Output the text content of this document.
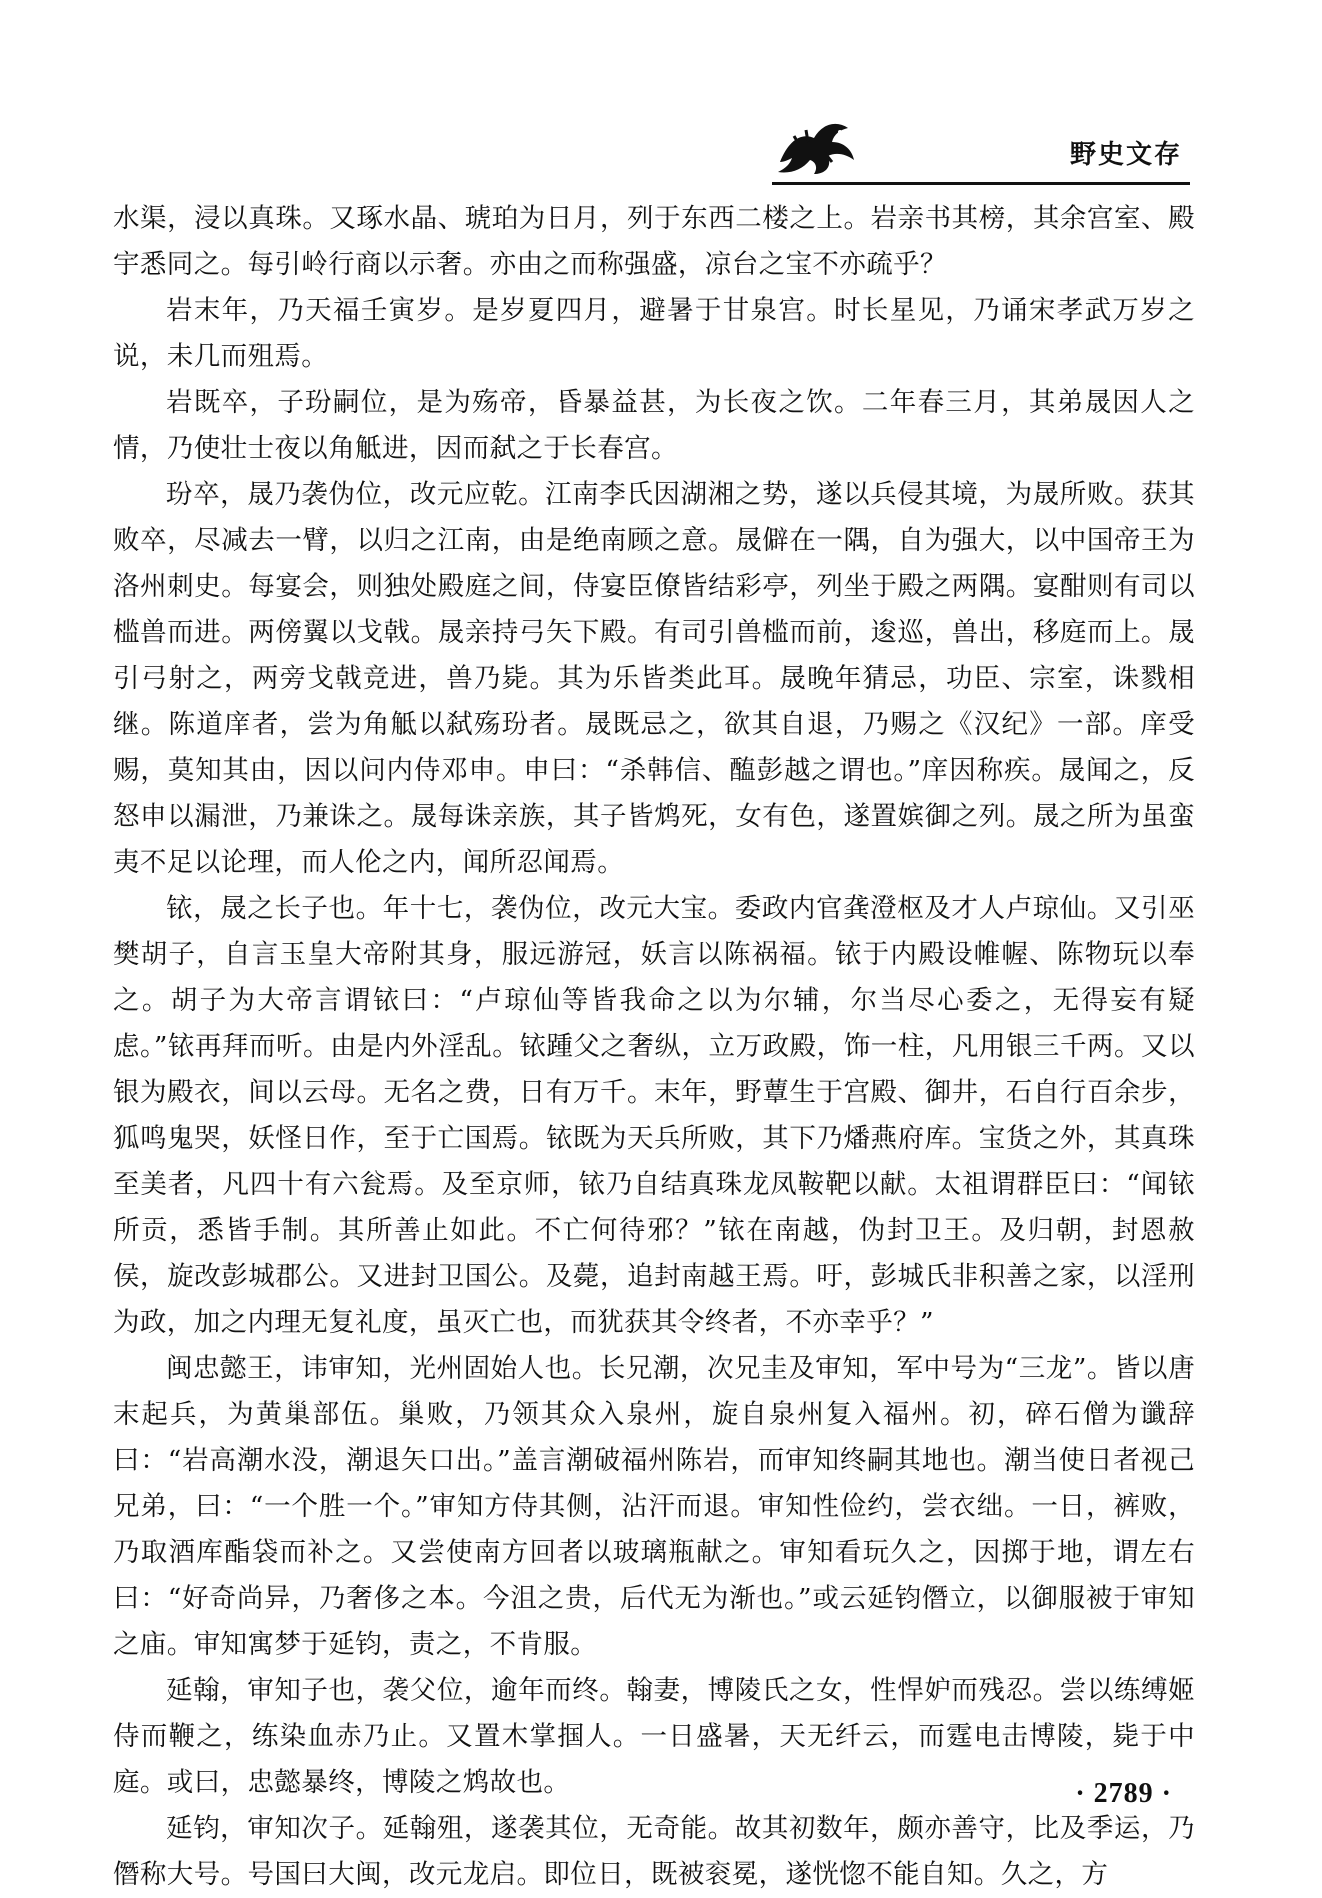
野史文存

水渠，浸以真珠。又琢水晶、琥珀为日月，列于东西二楼之上。岩亲书其榜，其余宫室、殿宇悉同之。每引岭行商以示奢。亦由之而称强盛，凉台之宝不亦疏乎？

岩末年，乃天福壬寅岁。是岁夏四月，避暑于甘泉宫。时长星见，乃诵宋孝武万岁之说，未几而殂焉。

岩既卒，子玢嗣位，是为殇帝，昏暴益甚，为长夜之饮。二年春三月，其弟晟因人之情，乃使壮士夜以角觝进，因而弑之于长春宫。

玢卒，晟乃袭伪位，改元应乾。江南李氏因湖湘之势，遂以兵侵其境，为晟所败。获其败卒，尽减去一臂，以归之江南，由是绝南顾之意。晟僻在一隅，自为强大，以中国帝王为洛州刺史。每宴会，则独处殿庭之间，侍宴臣僚皆结彩亭，列坐于殿之两隅。宴酣则有司以槛兽而进。两傍翼以戈戟。晟亲持弓矢下殿。有司引兽槛而前，逡巡，兽出，移庭而上。晟引弓射之，两旁戈戟竞进，兽乃毙。其为乐皆类此耳。晟晚年猜忌，功臣、宗室，诛戮相继。陈道庠者，尝为角觝以弑殇玢者。晟既忌之，欲其自退，乃赐之《汉纪》一部。庠受赐，莫知其由，因以问内侍邓申。申曰：“杀韩信、醢彭越之谓也。”庠因称疾。晟闻之，反怒申以漏泄，乃兼诛之。晟每诛亲族，其子皆鸩死，女有色，遂置嫔御之列。晟之所为虽蛮夷不足以论理，而人伦之内，闻所忍闻焉。

铱，晟之长子也。年十七，袭伪位，改元大宝。委政内官龚澄枢及才人卢琼仙。又引巫樊胡子，自言玉皇大帝附其身，服远游冠，妖言以陈祸福。铱于内殿设帷幄、陈物玩以奉之。胡子为大帝言谓铱曰：“卢琼仙等皆我命之以为尔辅，尔当尽心委之，无得妄有疑虑。”铱再拜而听。由是内外淫乱。铱踵父之奢纵，立万政殿，饰一柱，凡用银三千两。又以银为殿衣，间以云母。无名之费，日有万千。末年，野蕈生于宫殿、御井，石自行百余步，狐鸣鬼哭，妖怪日作，至于亡国焉。铱既为天兵所败，其下乃燔燕府库。宝货之外，其真珠至美者，凡四十有六瓮焉。及至京师，铱乃自结真珠龙凤鞍靶以献。太祖谓群臣曰：“闻铱所贡，悉皆手制。其所善止如此。不亡何待邪？”铱在南越，伪封卫王。及归朝，封恩赦侯，旋改彭城郡公。又进封卫国公。及薨，追封南越王焉。吁，彭城氏非积善之家，以淫刑为政，加之内理无复礼度，虽灭亡也，而犹获其令终者，不亦幸乎？”

闽忠懿王，讳审知，光州固始人也。长兄潮，次兄圭及审知，军中号为“三龙”。皆以唐末起兵，为黄巢部伍。巢败，乃领其众入泉州，旋自泉州复入福州。初，碎石僧为谶辞曰：“岩高潮水没，潮退矢口出。”盖言潮破福州陈岩，而审知终嗣其地也。潮当使日者视己兄弟，曰：“一个胜一个。”审知方侍其侧，沾汗而退。审知性俭约，尝衣绌。一日，裤败，乃取酒库酯袋而补之。又尝使南方回者以玻璃瓶献之。审知看玩久之，因掷于地，谓左右曰：“好奇尚异，乃奢侈之本。今沮之贵，后代无为渐也。”或云延钧僭立，以御服被于审知之庙。审知寓梦于延钧，责之，不肯服。

延翰，审知子也，袭父位，逾年而终。翰妻，博陵氏之女，性悍妒而残忍。尝以练缚姬侍而鞭之，练染血赤乃止。又置木掌掴人。一日盛暑，天无纤云，而霆电击博陵，毙于中庭。或曰，忠懿暴终，博陵之鸩故也。

延钧，审知次子。延翰殂，遂袭其位，无奇能。故其初数年，颇亦善守，比及季运，乃僭称大号。号国曰大闽，改元龙启。即位日，既被衮冕，遂恍惚不能自知。久之，方

· 2789 ·
